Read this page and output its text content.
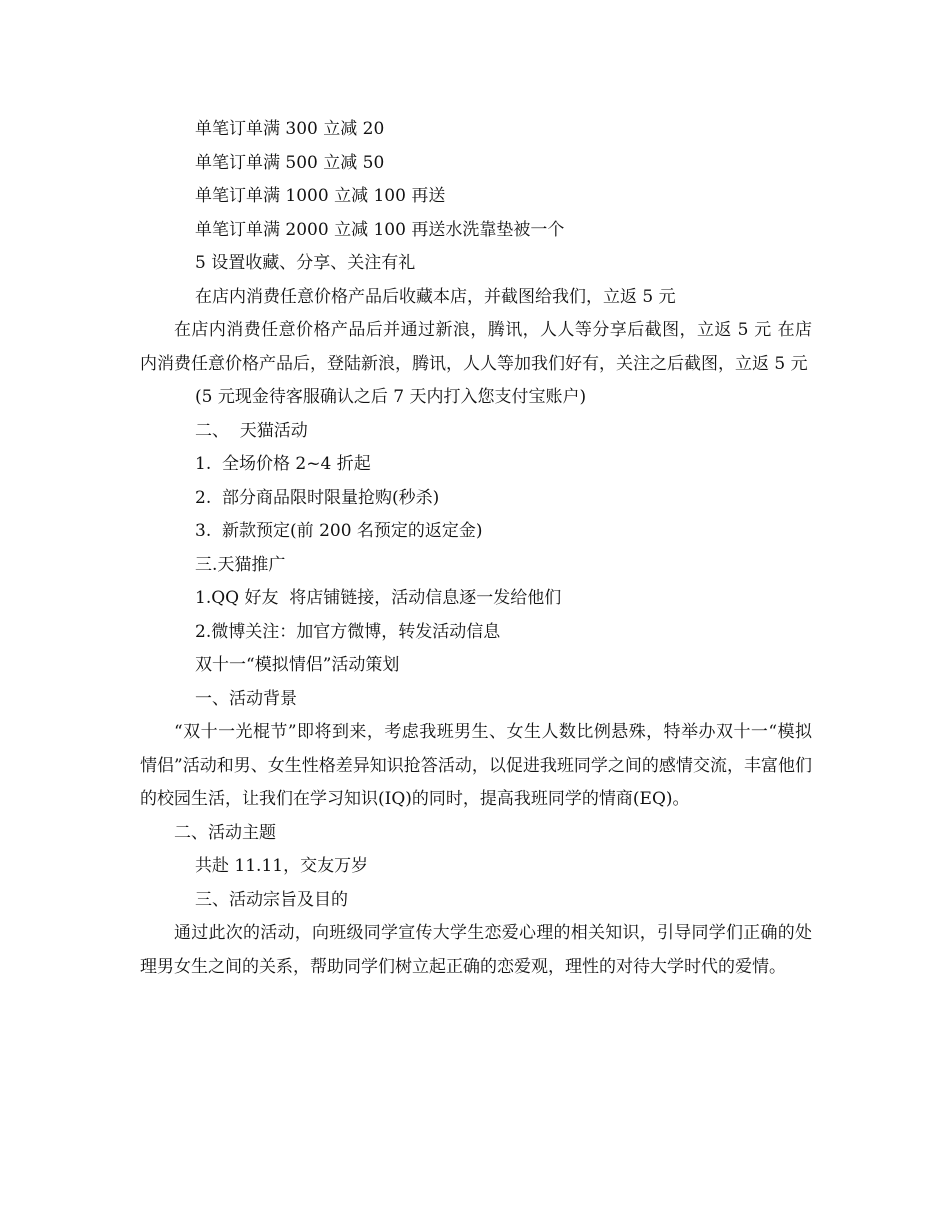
单笔订单满 300 立减 20

单笔订单满 500 立减 50

单笔订单满 1000 立减 100 再送

单笔订单满 2000 立减 100 再送水洗靠垫被一个

5 设置收藏、分享、关注有礼

在店内消费任意价格产品后收藏本店，并截图给我们，立返 5 元

在店内消费任意价格产品后并通过新浪，腾讯，人人等分享后截图，立返 5 元 在店内消费任意价格产品后，登陆新浪，腾讯，人人等加我们好有，关注之后截图，立返 5 元

(5 元现金待客服确认之后 7 天内打入您支付宝账户)

二、  天猫活动

1.  全场价格 2~4 折起

2.  部分商品限时限量抢购(秒杀)

3.  新款预定(前 200 名预定的返定金)

三.天猫推广

1.QQ 好友  将店铺链接，活动信息逐一发给他们

2.微博关注：加官方微博，转发活动信息

双十一“模拟情侣”活动策划

一、活动背景

“双十一光棍节”即将到来，考虑我班男生、女生人数比例悬殊，特举办双十一“模拟情侣”活动和男、女生性格差异知识抢答活动，以促进我班同学之间的感情交流，丰富他们的校园生活，让我们在学习知识(IQ)的同时，提高我班同学的情商(EQ)。

二、活动主题

共赴 11.11，交友万岁

三、活动宗旨及目的

通过此次的活动，向班级同学宣传大学生恋爱心理的相关知识，引导同学们正确的处理男女生之间的关系，帮助同学们树立起正确的恋爱观，理性的对待大学时代的爱情。
